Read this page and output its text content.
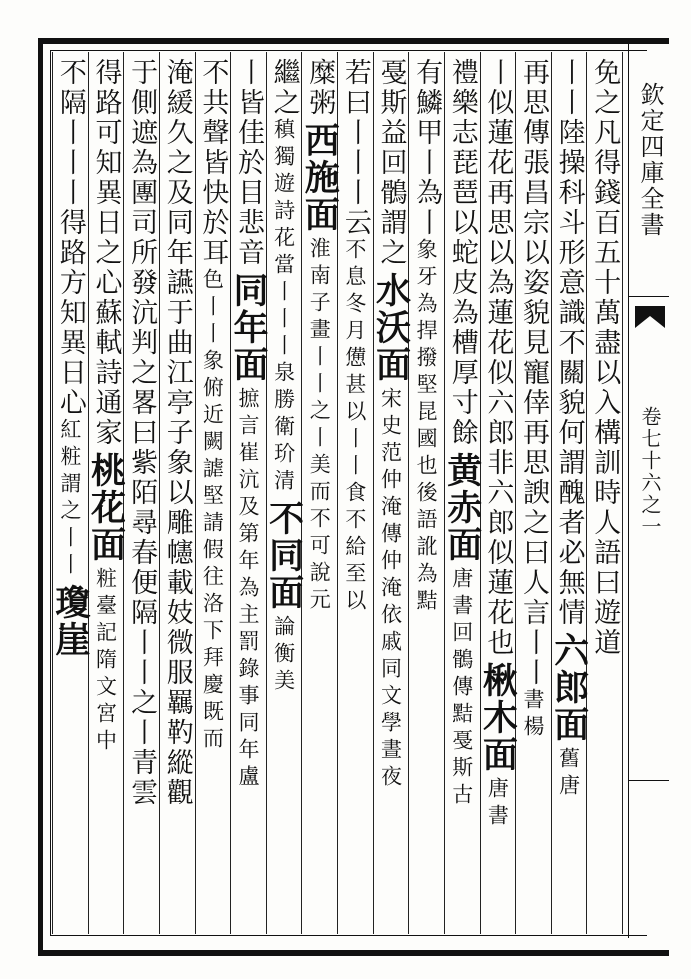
欽定四庫全書
卷七十六之一
免之凡得錢百五十萬盡以入構訓時人語曰遊道
丨丨陸操科斗形意識不關貌何謂醜者必無情
六郎面
舊唐
再思傳張昌宗以姿貌見寵倖再思諛之曰人言丨丨
書楊
丨似蓮花再思以為蓮花似六郎非六郎似蓮花也
楸木面
唐書
禮樂志琵琶以蛇皮為槽厚寸餘
黄赤面
唐書回鶻傳黠戞斯古
有鱗甲丨為丨
象牙為捍撥
堅昆國也後語訛為黠
戞斯益回鶻謂之
水沃面
宋史范仲淹傳仲淹依戚同文學晝夜
若曰丨丨丨云
不息冬月憊甚以丨丨食不給至以
糜粥
西施面
淮南子畫丨丨之丨美而不可說元
繼之
稹獨遊詩花當丨丨丨泉勝衛玠清
不同面
論衡美
丨皆佳於目悲音
同年面
摭言崔沆及第年為主罰錄事同年盧
不共聲皆快於耳
色丨丨
象俯近闕謔堅請假往洛下拜慶既而
淹緩久之及同年讌于曲江亭子象以雕幰載妓微服羈靮縱觀
于側遮為團司所發沆判之畧曰紫陌尋春便隔丨丨之丨青雲
得路可知異日之心蘇軾詩通家
桃花面
粧臺記隋文宮中
不隔丨丨丨得路方知異日心
紅粧謂之丨丨
瓊崖
